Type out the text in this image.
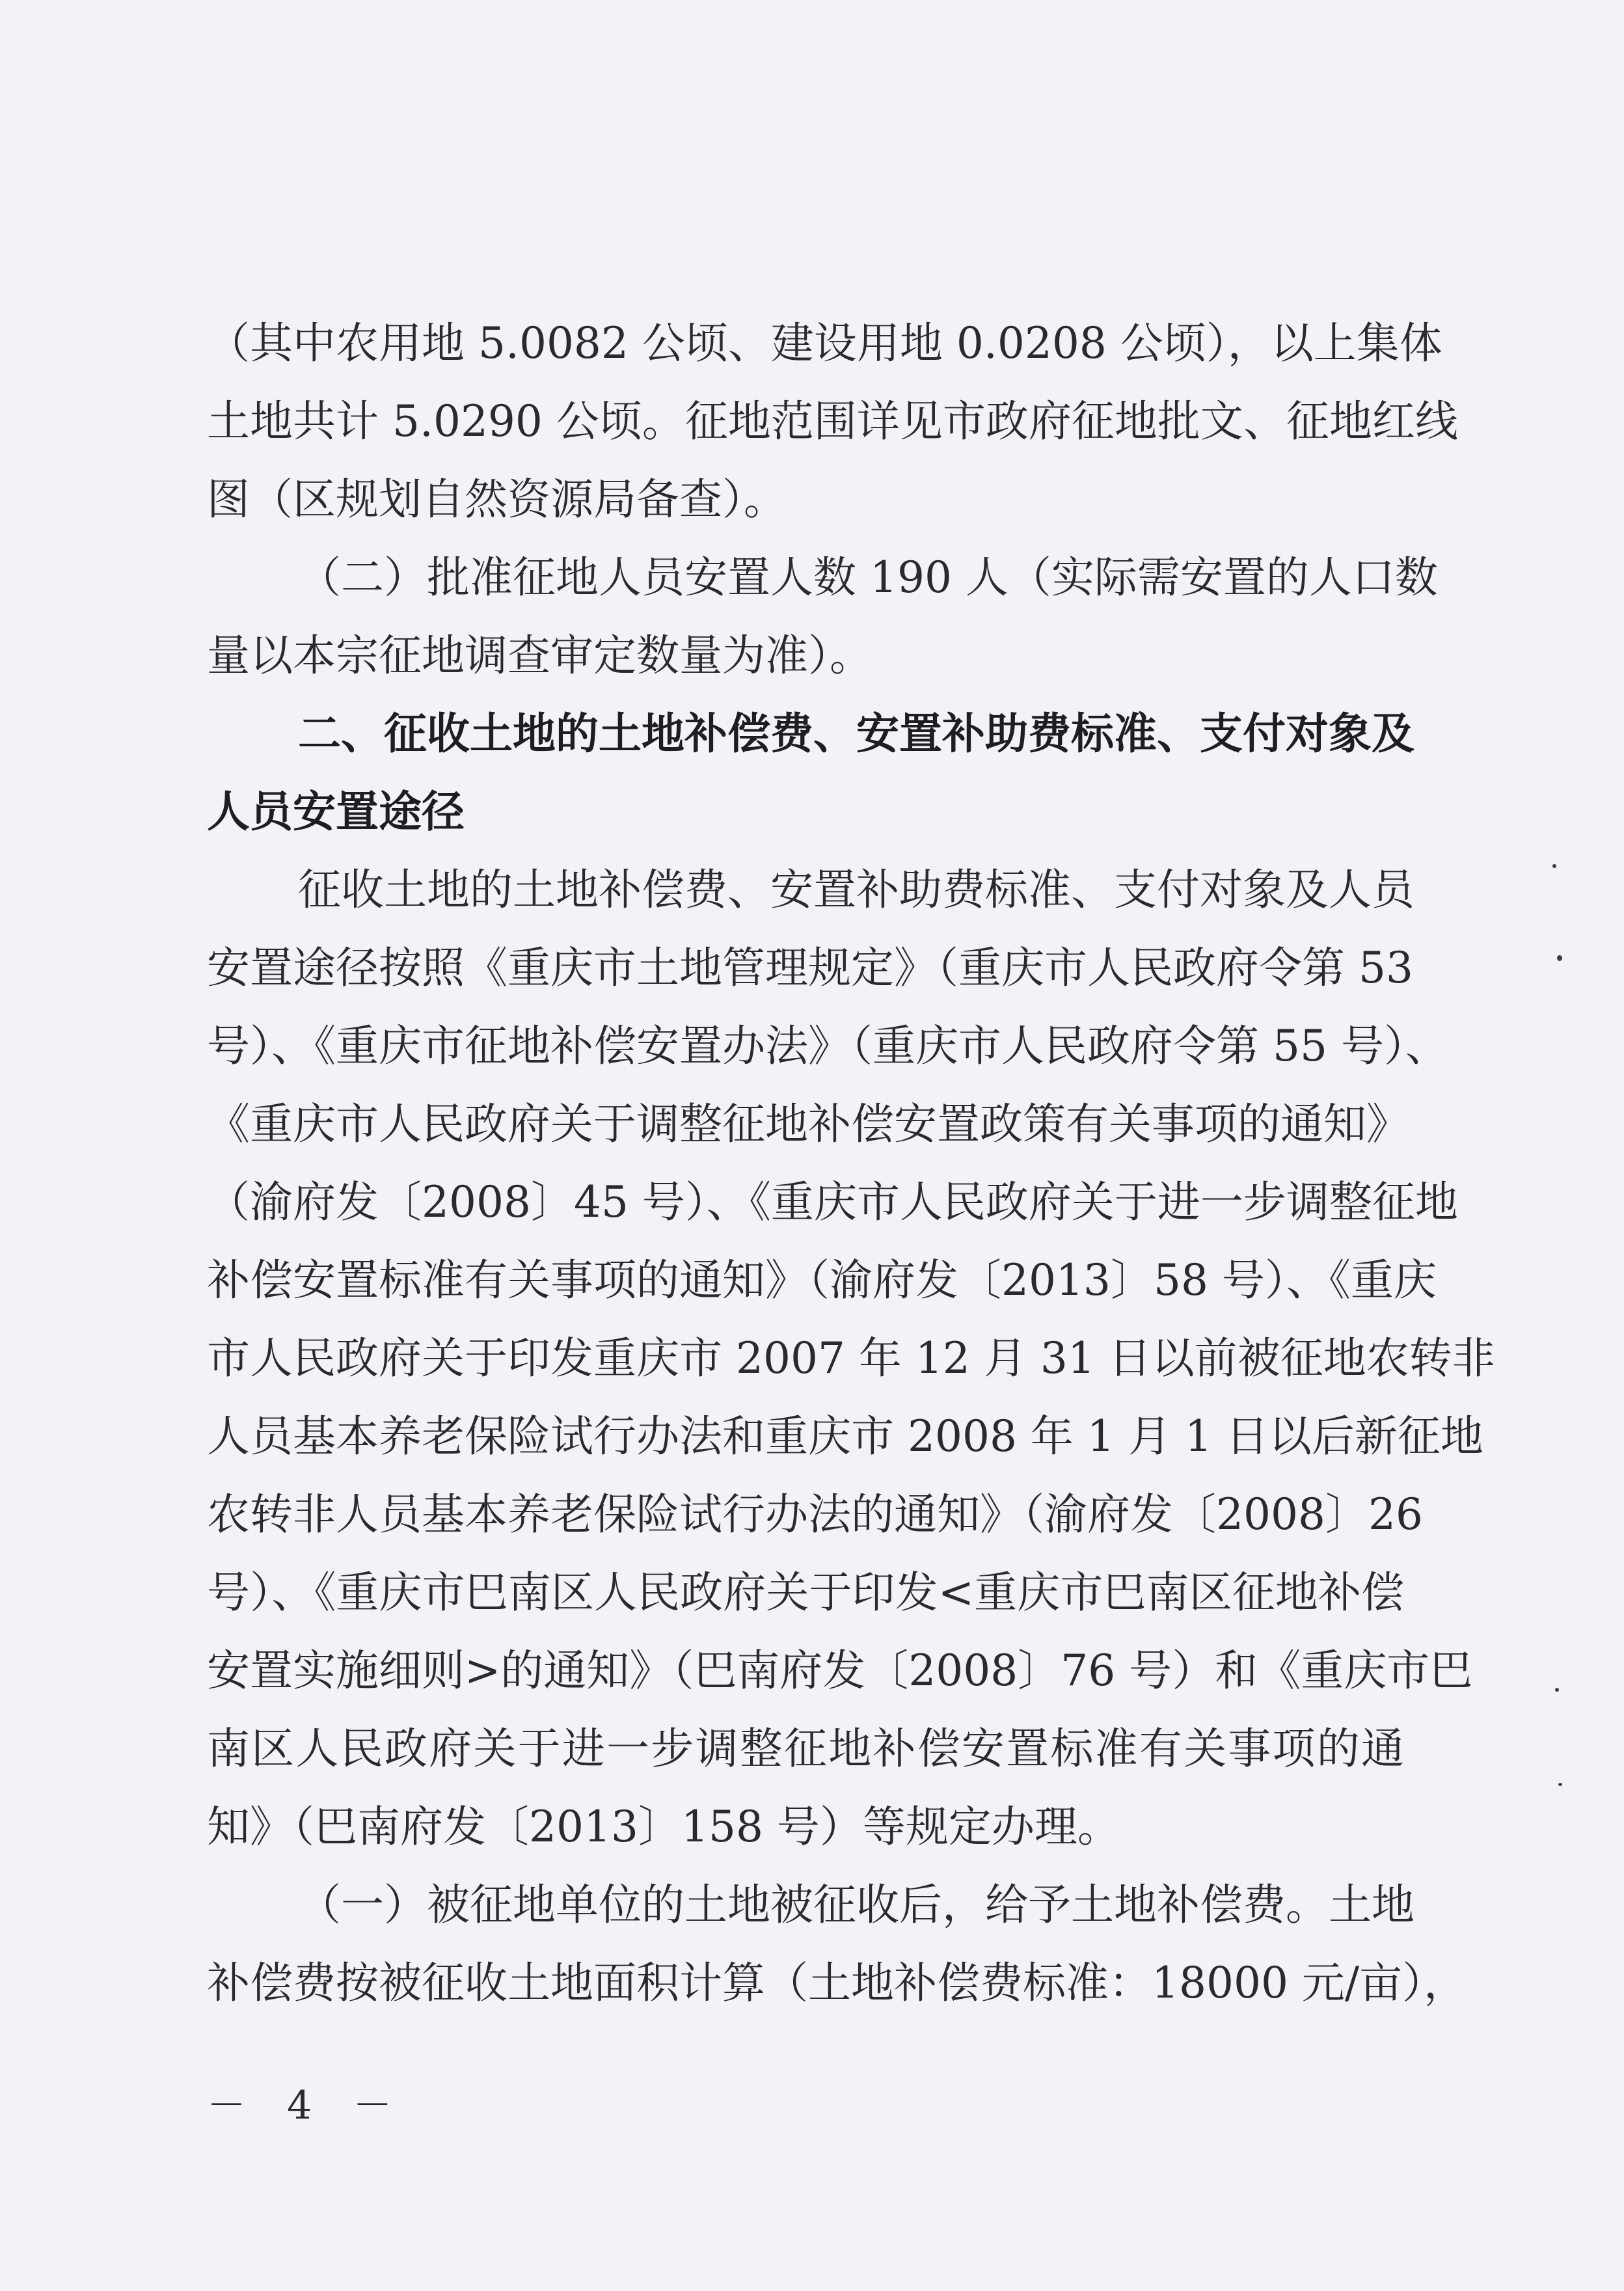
（其中农用地 5.0082 公顷、建设用地 0.0208 公顷），以上集体
土地共计 5.0290 公顷。征地范围详见市政府征地批文、征地红线
图（区规划自然资源局备查）。
（二）批准征地人员安置人数 190 人（实际需安置的人口数
量以本宗征地调查审定数量为准）。
二、征收土地的土地补偿费、安置补助费标准、支付对象及
人员安置途径
征收土地的土地补偿费、安置补助费标准、支付对象及人员
安置途径按照《重庆市土地管理规定》（重庆市人民政府令第 53
号）、《重庆市征地补偿安置办法》（重庆市人民政府令第 55 号）、
《重庆市人民政府关于调整征地补偿安置政策有关事项的通知》
（渝府发〔2008〕45 号）、《重庆市人民政府关于进一步调整征地
补偿安置标准有关事项的通知》（渝府发〔2013〕58 号）、《重庆
市人民政府关于印发重庆市 2007 年 12 月 31 日以前被征地农转非
人员基本养老保险试行办法和重庆市 2008 年 1 月 1 日以后新征地
农转非人员基本养老保险试行办法的通知》（渝府发〔2008〕26
号）、《重庆市巴南区人民政府关于印发<重庆市巴南区征地补偿
安置实施细则>的通知》（巴南府发〔2008〕76 号）和《重庆市巴
南区人民政府关于进一步调整征地补偿安置标准有关事项的通
知》（巴南府发〔2013〕158 号）等规定办理。
（一）被征地单位的土地被征收后，给予土地补偿费。土地
补偿费按被征收土地面积计算（土地补偿费标准：18000 元/亩），
－ 4 －
